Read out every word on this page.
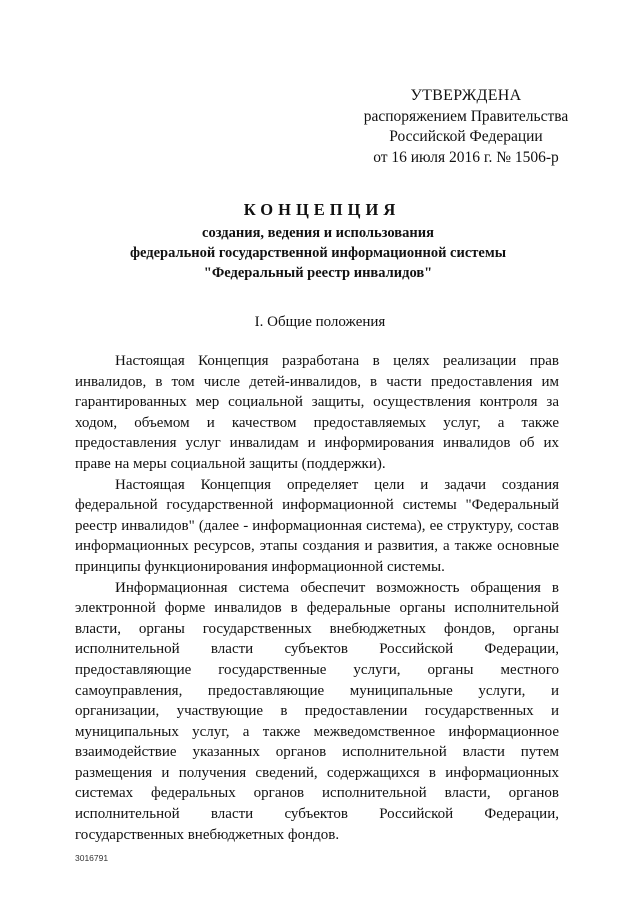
УТВЕРЖДЕНА
распоряжением Правительства
Российской Федерации
от 16 июля 2016 г. № 1506-р
КОНЦЕПЦИЯ
создания, ведения и использования
федеральной государственной информационной системы
"Федеральный реестр инвалидов"
I. Общие положения

Настоящая Концепция разработана в целях реализации прав инвалидов, в том числе детей-инвалидов, в части предоставления им гарантированных мер социальной защиты, осуществления контроля за ходом, объемом и качеством предоставляемых услуг, а также предоставления услуг инвалидам и информирования инвалидов об их праве на меры социальной защиты (поддержки).

Настоящая Концепция определяет цели и задачи создания федеральной государственной информационной системы "Федеральный реестр инвалидов" (далее - информационная система), ее структуру, состав информационных ресурсов, этапы создания и развития, а также основные принципы функционирования информационной системы.

Информационная система обеспечит возможность обращения в электронной форме инвалидов в федеральные органы исполнительной власти, органы государственных внебюджетных фондов, органы исполнительной власти субъектов Российской Федерации, предоставляющие государственные услуги, органы местного самоуправления, предоставляющие муниципальные услуги, и организации, участвующие в предоставлении государственных и муниципальных услуг, а также межведомственное информационное взаимодействие указанных органов исполнительной власти путем размещения и получения сведений, содержащихся в информационных системах федеральных органов исполнительной власти, органов исполнительной власти субъектов Российской Федерации, государственных внебюджетных фондов.

3016791
